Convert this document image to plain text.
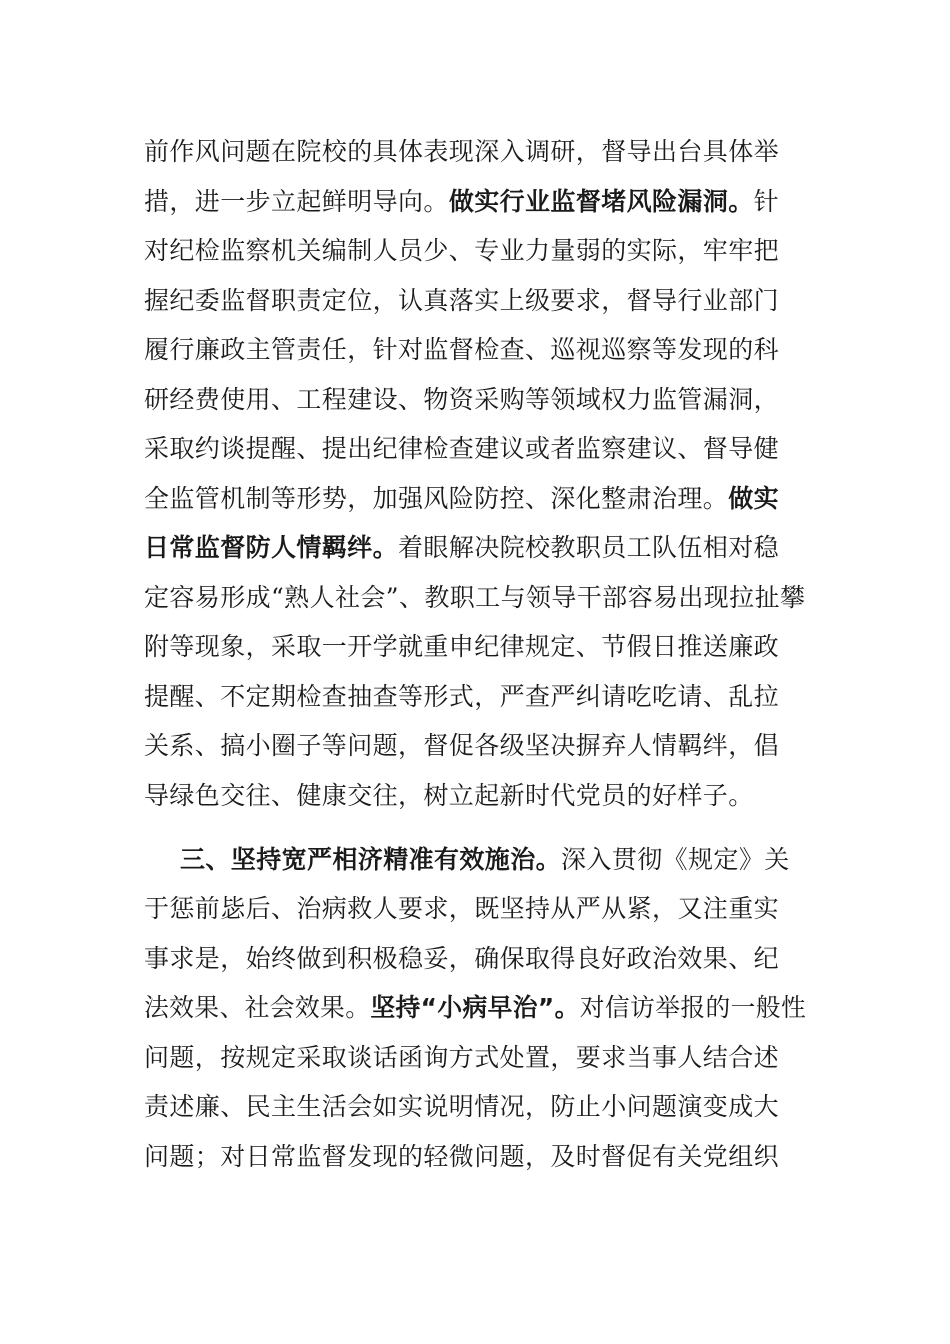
前作风问题在院校的具体表现深入调研，督导出台具体举
措，进一步立起鲜明导向。做实行业监督堵风险漏洞。针
对纪检监察机关编制人员少、专业力量弱的实际，牢牢把
握纪委监督职责定位，认真落实上级要求，督导行业部门
履行廉政主管责任，针对监督检查、巡视巡察等发现的科
研经费使用、工程建设、物资采购等领域权力监管漏洞，
采取约谈提醒、提出纪律检查建议或者监察建议、督导健
全监管机制等形势，加强风险防控、深化整肃治理。做实
日常监督防人情羁绊。着眼解决院校教职员工队伍相对稳
定容易形成“熟人社会”、教职工与领导干部容易出现拉扯攀
附等现象，采取一开学就重申纪律规定、节假日推送廉政
提醒、不定期检查抽查等形式，严查严纠请吃吃请、乱拉
关系、搞小圈子等问题，督促各级坚决摒弃人情羁绊，倡
导绿色交往、健康交往，树立起新时代党员的好样子。
三、坚持宽严相济精准有效施治。深入贯彻《规定》关
于惩前毖后、治病救人要求，既坚持从严从紧，又注重实
事求是，始终做到积极稳妥，确保取得良好政治效果、纪
法效果、社会效果。坚持“小病早治”。对信访举报的一般性
问题，按规定采取谈话函询方式处置，要求当事人结合述
责述廉、民主生活会如实说明情况，防止小问题演变成大
问题；对日常监督发现的轻微问题，及时督促有关党组织
